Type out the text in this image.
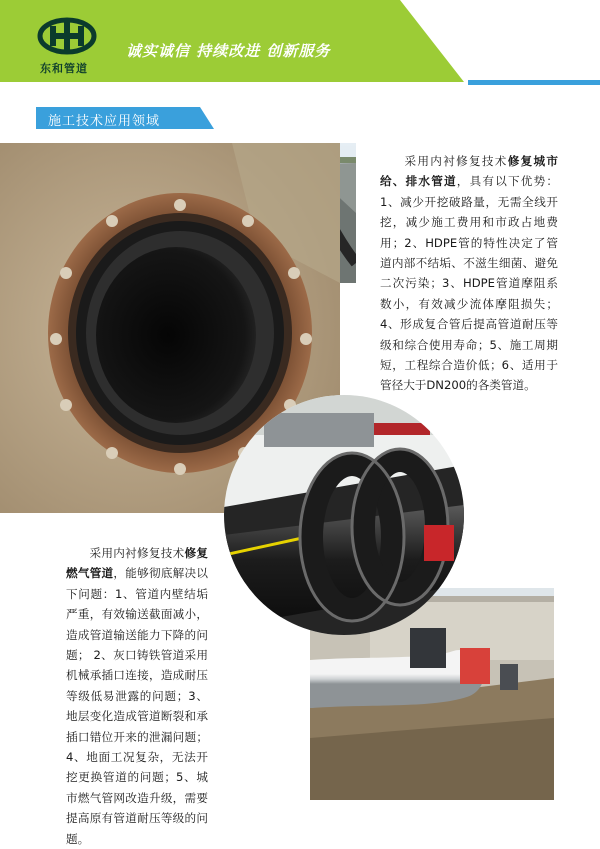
东和管道
诚实诚信 持续改进 创新服务
施工技术应用领域
  采用内衬修复技术修复城市给、排水管道，具有以下优势：1、减少开挖破路量，无需全线开挖，减少施工费用和市政占地费用；2、HDPE管的特性决定了管道内部不结垢、不滋生细菌、避免二次污染；3、HDPE管道摩阻系数小，有效减少流体摩阻损失；4、形成复合管后提高管道耐压等级和综合使用寿命；5、施工周期短，工程综合造价低；6、适用于管径大于DN200的各类管道。
  采用内衬修复技术修复燃气管道，能够彻底解决以下问题：1、管道内壁结垢严重，有效输送截面减小，造成管道输送能力下降的问题； 2、灰口铸铁管道采用机械承插口连接，造成耐压等级低易泄露的问题；3、地层变化造成管道断裂和承插口错位开来的泄漏问题；4、地面工况复杂，无法开挖更换管道的问题；5、城市燃气管网改造升级，需要提高原有管道耐压等级的问题。
